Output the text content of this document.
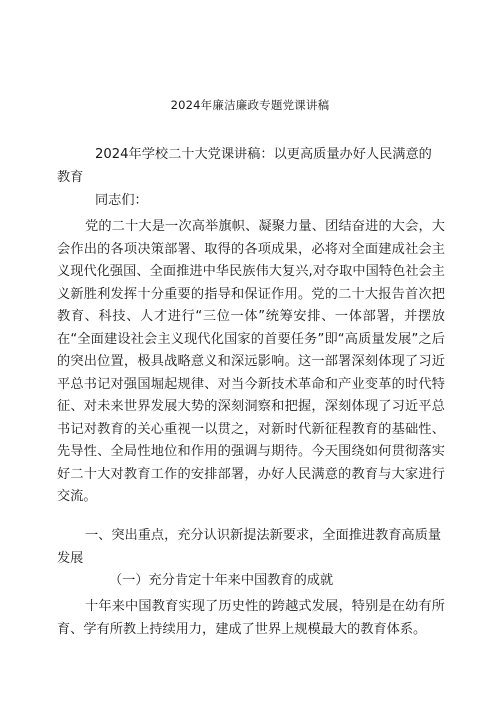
2024年廉洁廉政专题党课讲稿

2024年学校二十大党课讲稿：以更高质量办好人民满意的教育

同志们：

党的二十大是一次高举旗帜、凝聚力量、团结奋进的大会，大会作出的各项决策部署、取得的各项成果，必将对全面建成社会主义现代化强国、全面推进中华民族伟大复兴,对夺取中国特色社会主义新胜利发挥十分重要的指导和保证作用。党的二十大报告首次把教育、科技、人才进行“三位一体”统筹安排、一体部署，并摆放在“全面建设社会主义现代化国家的首要任务”即“高质量发展”之后的突出位置，极具战略意义和深远影响。这一部署深刻体现了习近平总书记对强国堀起规律、对当今新技术革命和产业变革的时代特征、对未来世界发展大势的深刻洞察和把握，深刻体现了习近平总书记对教育的关心重视一以贯之，对新时代新征程教育的基础性、先导性、全局性地位和作用的强调与期待。今天围绕如何贯彻落实好二十大对教育工作的安排部署，办好人民满意的教育与大家进行交流。

一、突出重点，充分认识新提法新要求，全面推进教育高质量发展

（一）充分肯定十年来中国教育的成就

十年来中国教育实现了历史性的跨越式发展，特别是在幼有所育、学有所教上持续用力，建成了世界上规模最大的教育体系。
